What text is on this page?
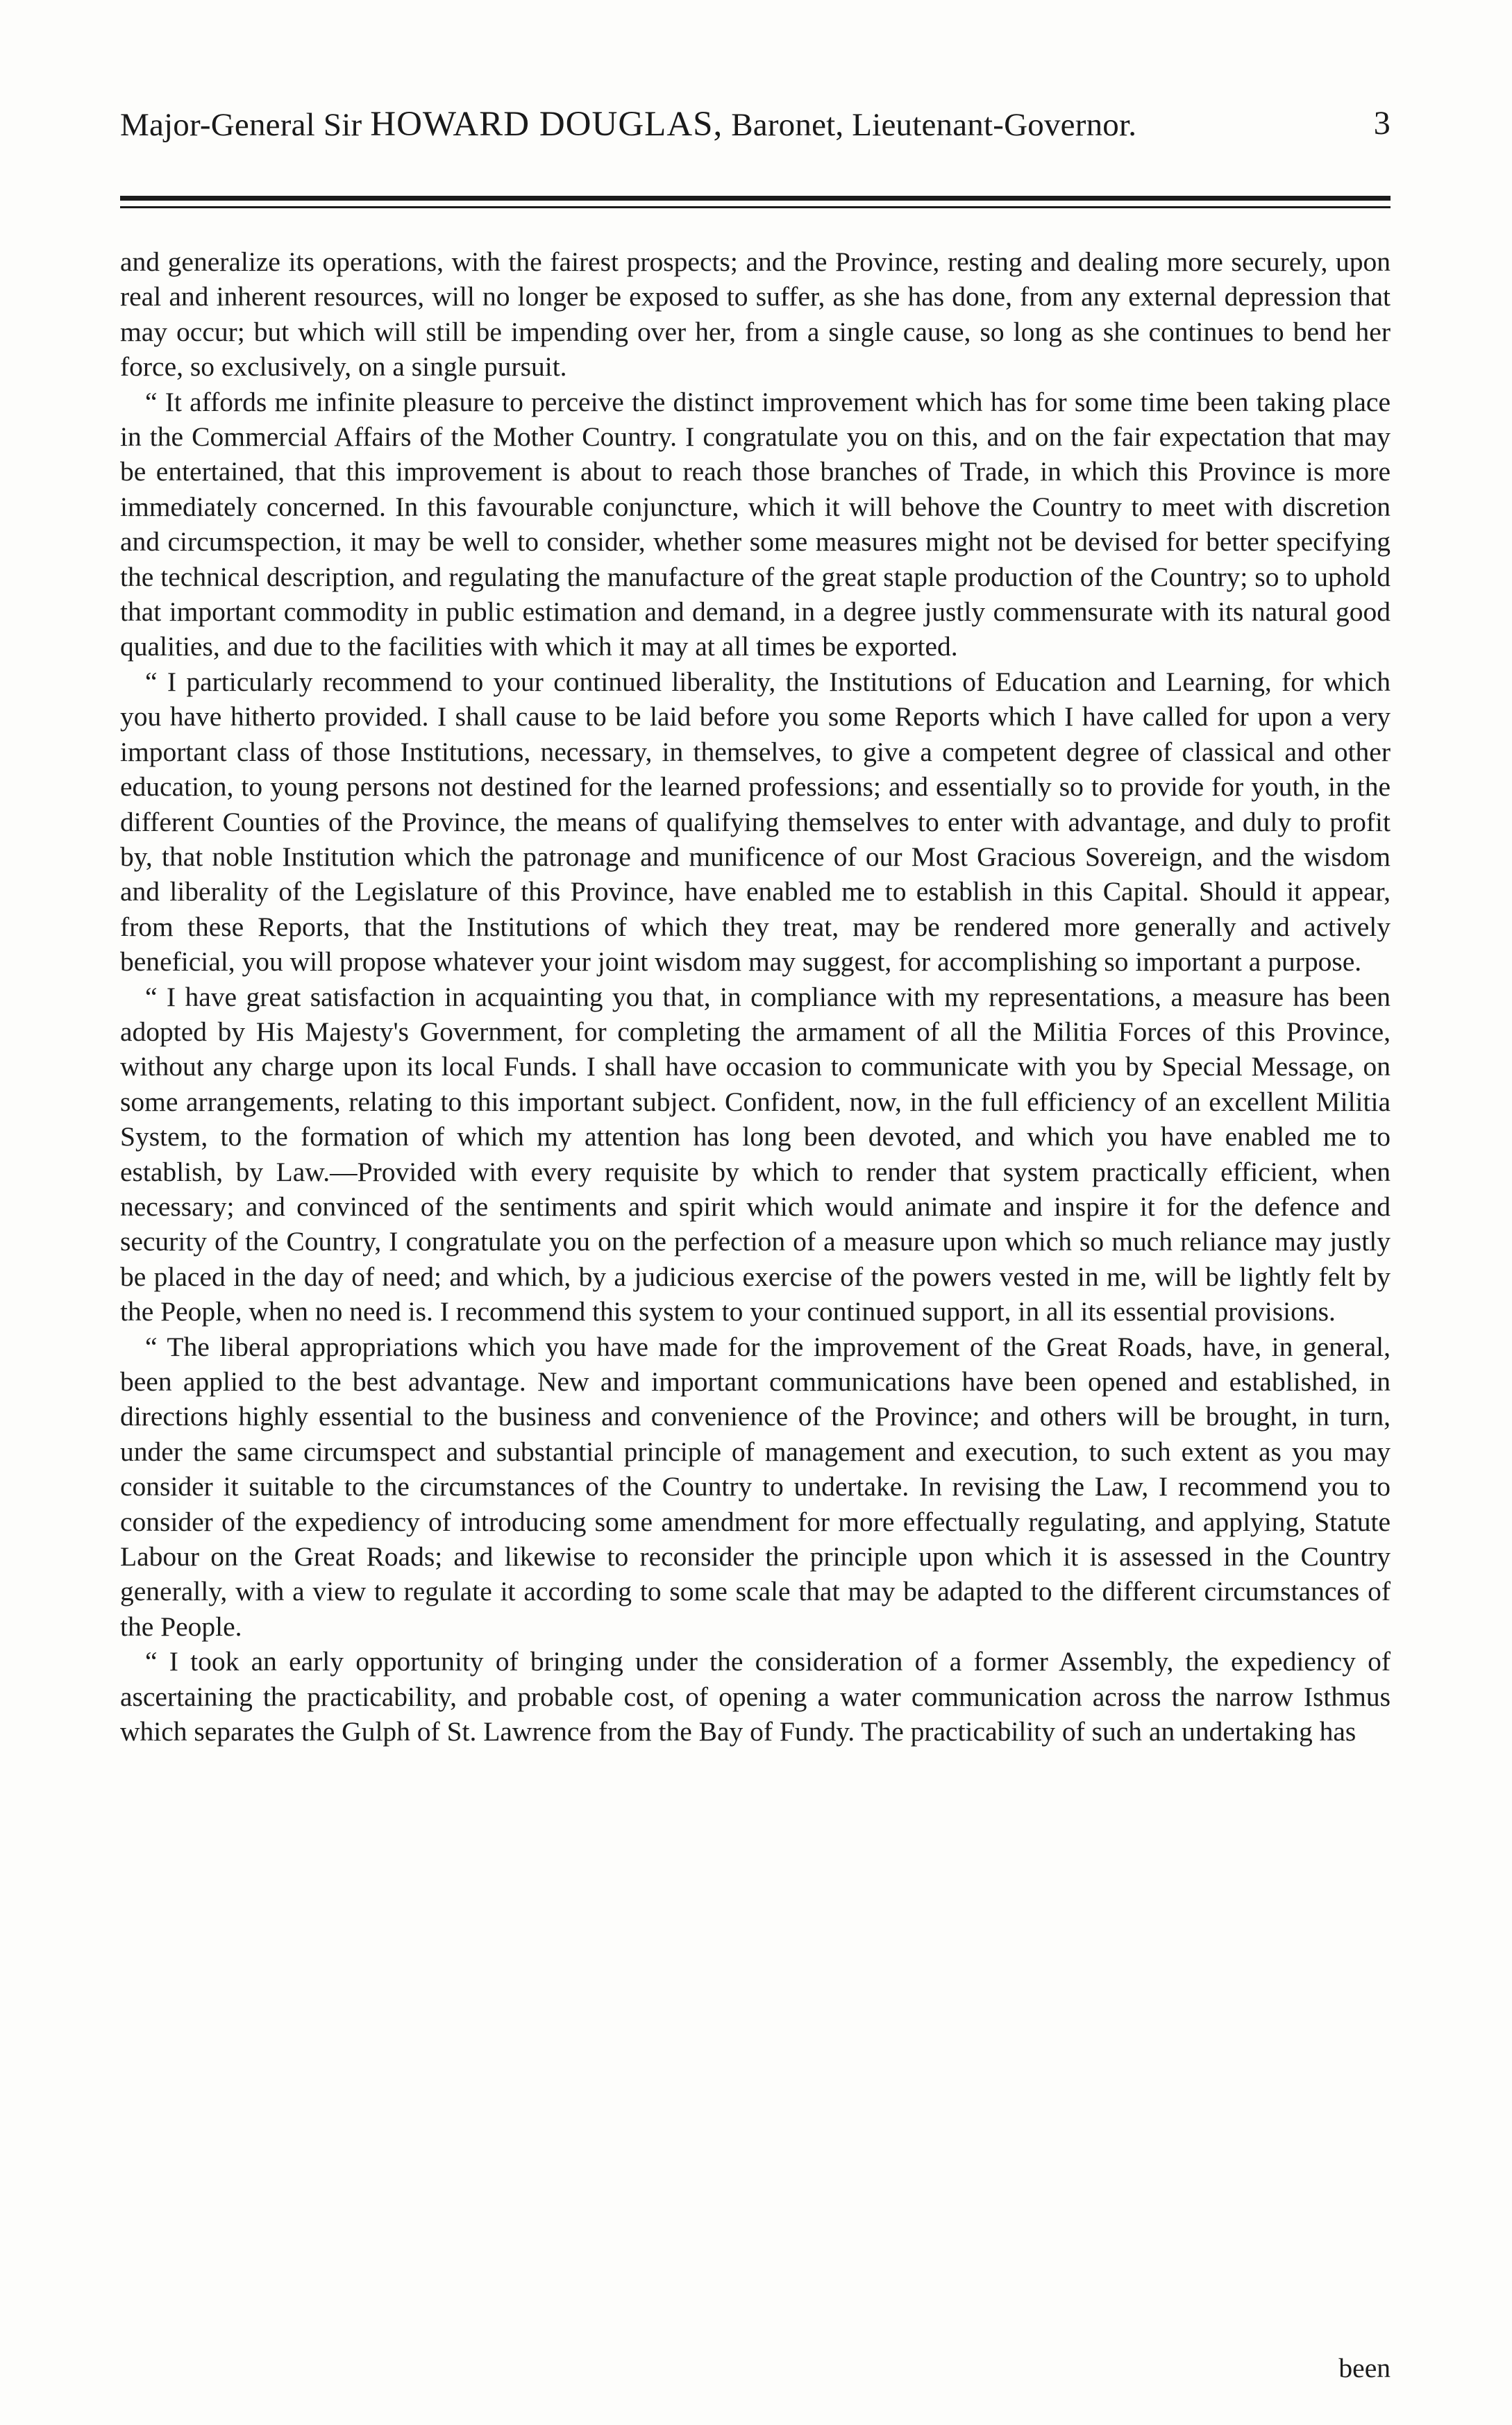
Major-General Sir HOWARD DOUGLAS, Baronet, Lieutenant-Governor.	3

and generalize its operations, with the fairest prospects; and the Province, resting and dealing more securely, upon real and inherent resources, will no longer be exposed to suffer, as she has done, from any external depression that may occur; but which will still be impending over her, from a single cause, so long as she continues to bend her force, so exclusively, on a single pursuit.

“ It affords me infinite pleasure to perceive the distinct improvement which has for some time been taking place in the Commercial Affairs of the Mother Country. I congratulate you on this, and on the fair expectation that may be entertained, that this improvement is about to reach those branches of Trade, in which this Province is more immediately concerned. In this favourable conjuncture, which it will behove the Country to meet with discretion and circumspection, it may be well to consider, whether some measures might not be devised for better specifying the technical description, and regulating the manufacture of the great staple production of the Country; so to uphold that important commodity in public estimation and demand, in a degree justly commensurate with its natural good qualities, and due to the facilities with which it may at all times be exported.

“ I particularly recommend to your continued liberality, the Institutions of Education and Learning, for which you have hitherto provided. I shall cause to be laid before you some Reports which I have called for upon a very important class of those Institutions, necessary, in themselves, to give a competent degree of classical and other education, to young persons not destined for the learned professions; and essentially so to provide for youth, in the different Counties of the Province, the means of qualifying themselves to enter with advantage, and duly to profit by, that noble Institution which the patronage and munificence of our Most Gracious Sovereign, and the wisdom and liberality of the Legislature of this Province, have enabled me to establish in this Capital. Should it appear, from these Reports, that the Institutions of which they treat, may be rendered more generally and actively beneficial, you will propose whatever your joint wisdom may suggest, for accomplishing so important a purpose.

“ I have great satisfaction in acquainting you that, in compliance with my representations, a measure has been adopted by His Majesty's Government, for completing the armament of all the Militia Forces of this Province, without any charge upon its local Funds. I shall have occasion to communicate with you by Special Message, on some arrangements, relating to this important subject. Confident, now, in the full efficiency of an excellent Militia System, to the formation of which my attention has long been devoted, and which you have enabled me to establish, by Law.—Provided with every requisite by which to render that system practically efficient, when necessary; and convinced of the sentiments and spirit which would animate and inspire it for the defence and security of the Country, I congratulate you on the perfection of a measure upon which so much reliance may justly be placed in the day of need; and which, by a judicious exercise of the powers vested in me, will be lightly felt by the People, when no need is. I recommend this system to your continued support, in all its essential provisions.

“ The liberal appropriations which you have made for the improvement of the Great Roads, have, in general, been applied to the best advantage. New and important communications have been opened and established, in directions highly essential to the business and convenience of the Province; and others will be brought, in turn, under the same circumspect and substantial principle of management and execution, to such extent as you may consider it suitable to the circumstances of the Country to undertake. In revising the Law, I recommend you to consider of the expediency of introducing some amendment for more effectually regulating, and applying, Statute Labour on the Great Roads; and likewise to reconsider the principle upon which it is assessed in the Country generally, with a view to regulate it according to some scale that may be adapted to the different circumstances of the People.

“ I took an early opportunity of bringing under the consideration of a former Assembly, the expediency of ascertaining the practicability, and probable cost, of opening a water communication across the narrow Isthmus which separates the Gulph of St. Lawrence from the Bay of Fundy. The practicability of such an undertaking has

been
